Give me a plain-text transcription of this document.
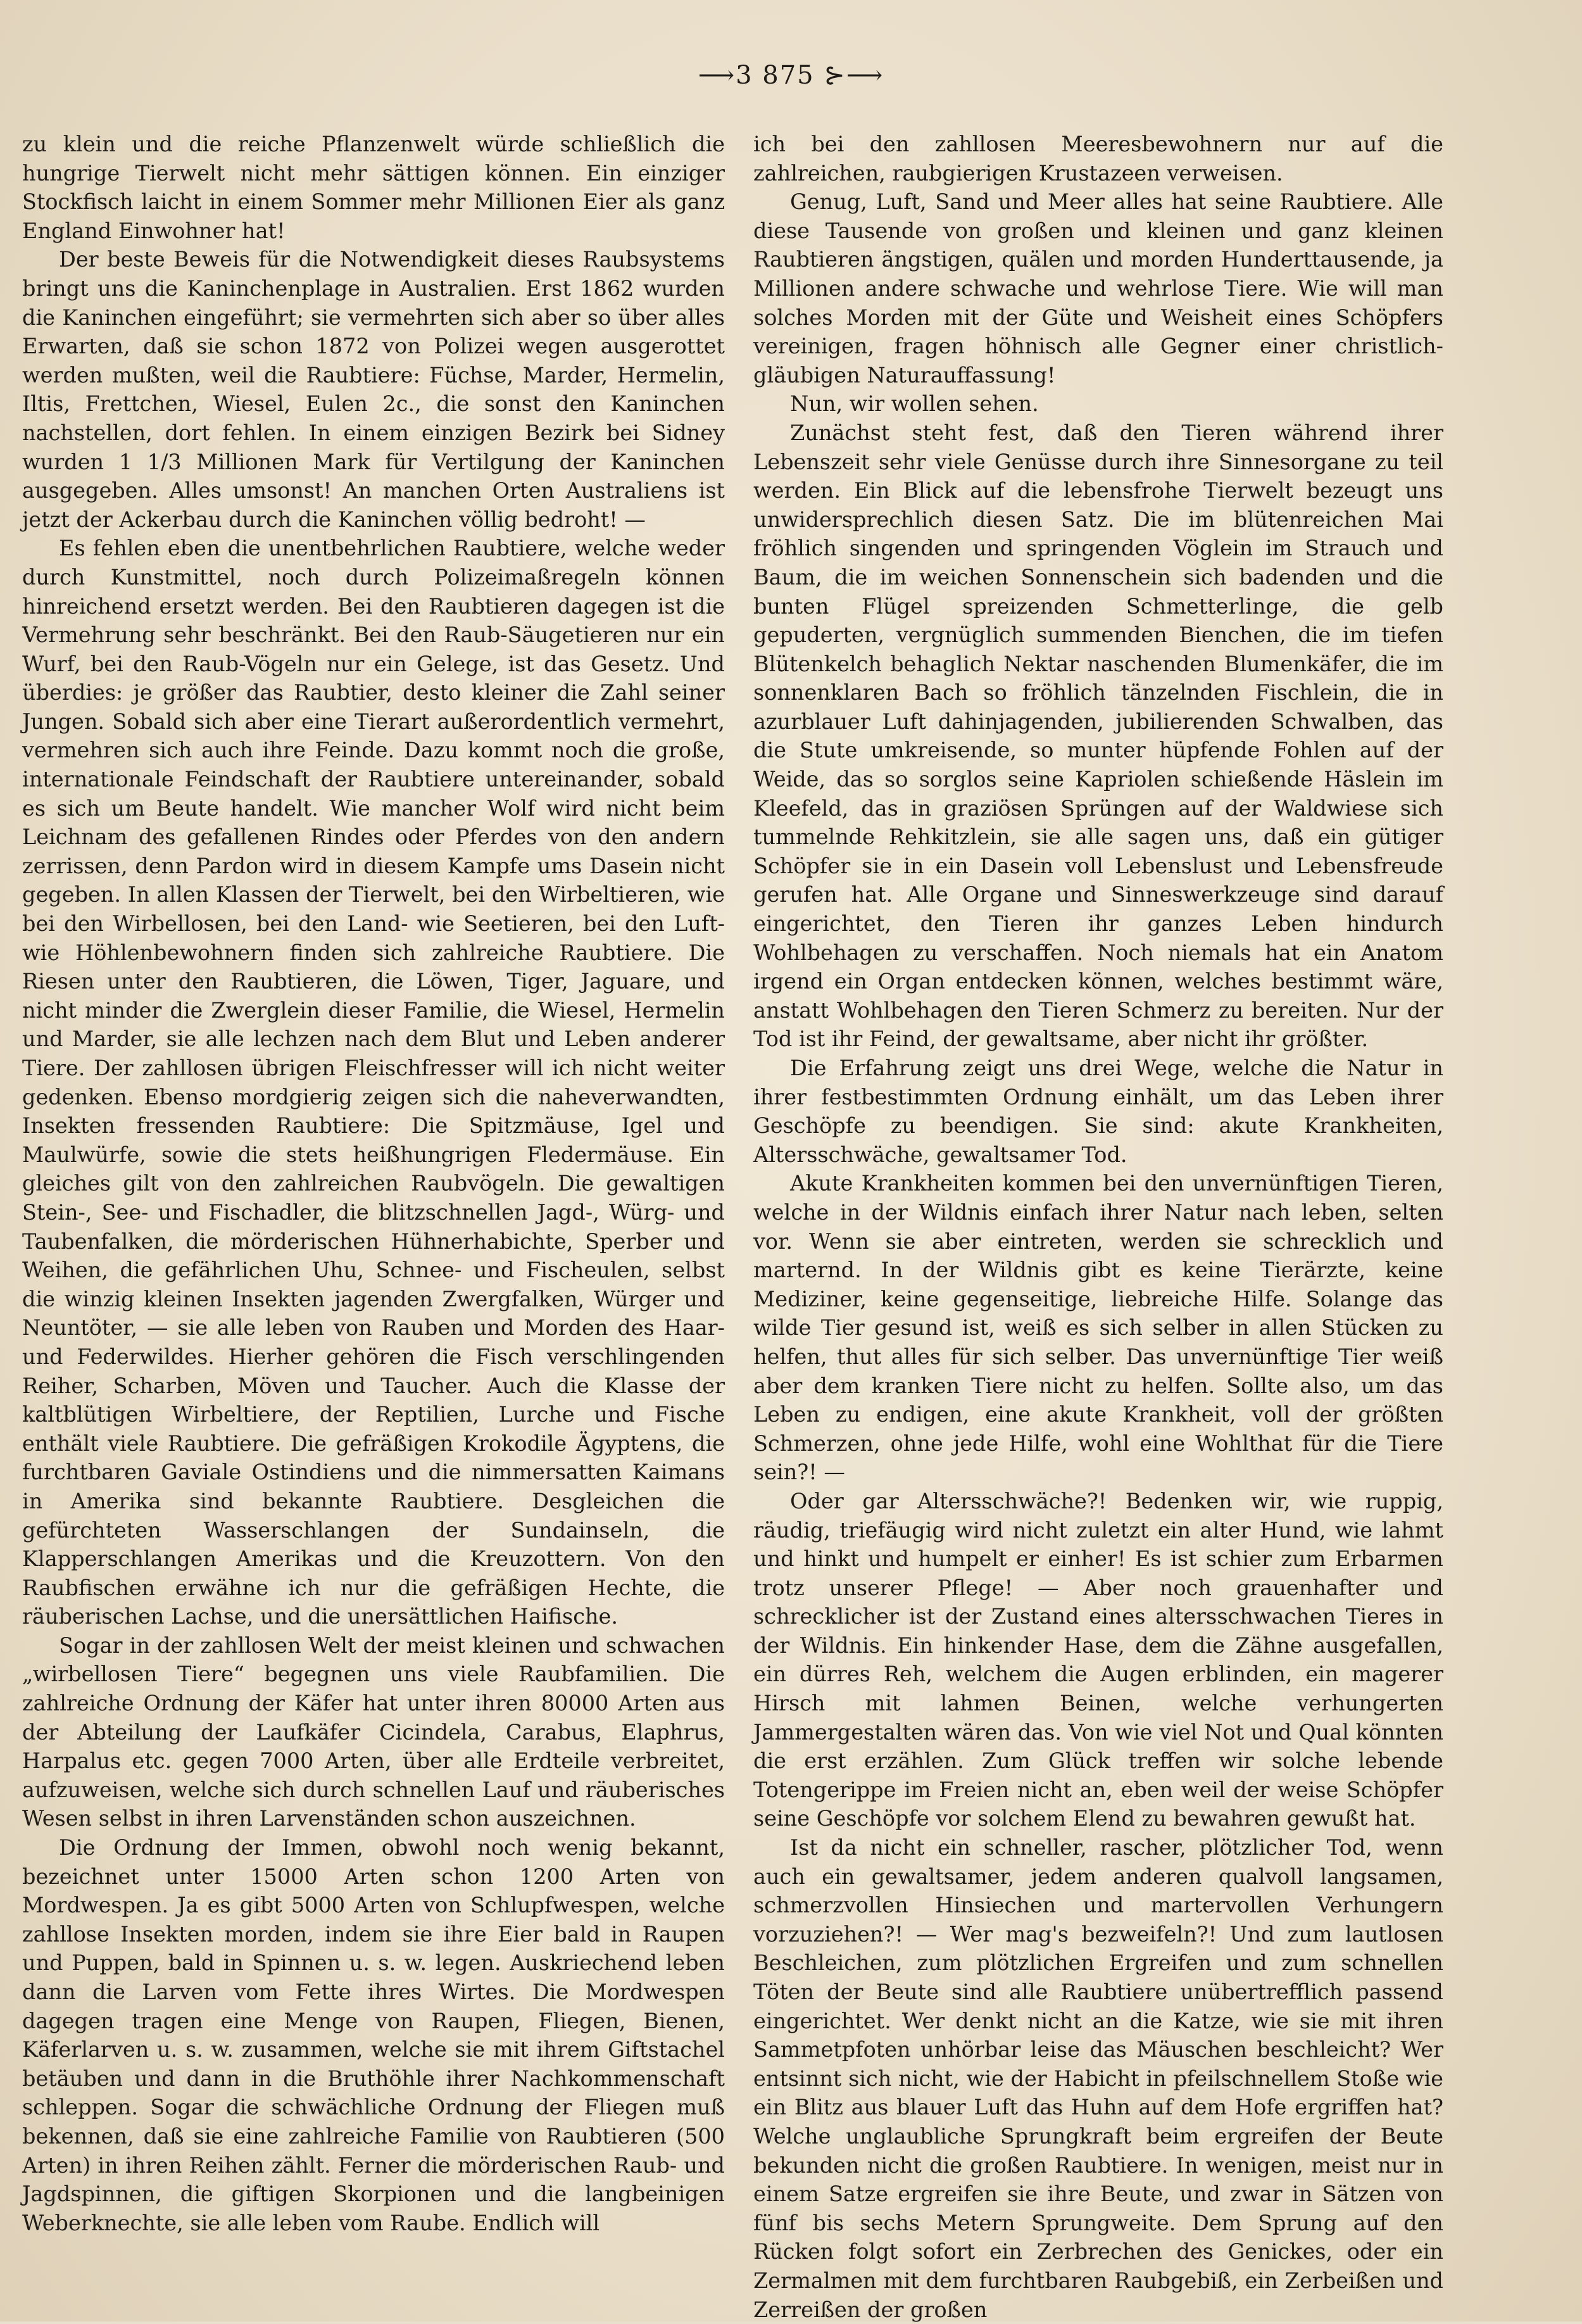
⟶3 875 ⊱⟶

zu klein und die reiche Pflanzenwelt würde schließlich die hungrige Tierwelt nicht mehr sättigen können. Ein einziger Stockfisch laicht in einem Sommer mehr Millionen Eier als ganz England Einwohner hat!

Der beste Beweis für die Notwendigkeit dieses Raubsystems bringt uns die Kaninchenplage in Australien. Erst 1862 wurden die Kaninchen eingeführt; sie vermehrten sich aber so über alles Erwarten, daß sie schon 1872 von Polizei wegen ausgerottet werden mußten, weil die Raubtiere: Füchse, Marder, Hermelin, Iltis, Frettchen, Wiesel, Eulen 2c., die sonst den Kaninchen nachstellen, dort fehlen. In einem einzigen Bezirk bei Sidney wurden 1 1/3 Millionen Mark für Vertilgung der Kaninchen ausgegeben. Alles umsonst! An manchen Orten Australiens ist jetzt der Ackerbau durch die Kaninchen völlig bedroht! —

Es fehlen eben die unentbehrlichen Raubtiere, welche weder durch Kunstmittel, noch durch Polizeimaßregeln können hinreichend ersetzt werden. Bei den Raubtieren dagegen ist die Vermehrung sehr beschränkt. Bei den Raub-Säugetieren nur ein Wurf, bei den Raub-Vögeln nur ein Gelege, ist das Gesetz. Und überdies: je größer das Raubtier, desto kleiner die Zahl seiner Jungen. Sobald sich aber eine Tierart außerordentlich vermehrt, vermehren sich auch ihre Feinde. Dazu kommt noch die große, internationale Feindschaft der Raubtiere untereinander, sobald es sich um Beute handelt. Wie mancher Wolf wird nicht beim Leichnam des gefallenen Rindes oder Pferdes von den andern zerrissen, denn Pardon wird in diesem Kampfe ums Dasein nicht gegeben. In allen Klassen der Tierwelt, bei den Wirbeltieren, wie bei den Wirbellosen, bei den Land- wie Seetieren, bei den Luft- wie Höhlenbewohnern finden sich zahlreiche Raubtiere. Die Riesen unter den Raubtieren, die Löwen, Tiger, Jaguare, und nicht minder die Zwerglein dieser Familie, die Wiesel, Hermelin und Marder, sie alle lechzen nach dem Blut und Leben anderer Tiere. Der zahllosen übrigen Fleischfresser will ich nicht weiter gedenken. Ebenso mordgierig zeigen sich die naheverwandten, Insekten fressenden Raubtiere: Die Spitzmäuse, Igel und Maulwürfe, sowie die stets heißhungrigen Fledermäuse. Ein gleiches gilt von den zahlreichen Raubvögeln. Die gewaltigen Stein-, See- und Fischadler, die blitzschnellen Jagd-, Würg- und Taubenfalken, die mörderischen Hühnerhabichte, Sperber und Weihen, die gefährlichen Uhu, Schnee- und Fischeulen, selbst die winzig kleinen Insekten jagenden Zwergfalken, Würger und Neuntöter, — sie alle leben von Rauben und Morden des Haar- und Federwildes. Hierher gehören die Fisch verschlingenden Reiher, Scharben, Möven und Taucher. Auch die Klasse der kaltblütigen Wirbeltiere, der Reptilien, Lurche und Fische enthält viele Raubtiere. Die gefräßigen Krokodile Ägyptens, die furchtbaren Gaviale Ostindiens und die nimmersatten Kaimans in Amerika sind bekannte Raubtiere. Desgleichen die gefürchteten Wasserschlangen der Sundainseln, die Klapperschlangen Amerikas und die Kreuzottern. Von den Raubfischen erwähne ich nur die gefräßigen Hechte, die räuberischen Lachse, und die unersättlichen Haifische.

Sogar in der zahllosen Welt der meist kleinen und schwachen „wirbellosen Tiere“ begegnen uns viele Raubfamilien. Die zahlreiche Ordnung der Käfer hat unter ihren 80000 Arten aus der Abteilung der Laufkäfer Cicindela, Carabus, Elaphrus, Harpalus etc. gegen 7000 Arten, über alle Erdteile verbreitet, aufzuweisen, welche sich durch schnellen Lauf und räuberisches Wesen selbst in ihren Larvenständen schon auszeichnen.

Die Ordnung der Immen, obwohl noch wenig bekannt, bezeichnet unter 15000 Arten schon 1200 Arten von Mordwespen. Ja es gibt 5000 Arten von Schlupfwespen, welche zahllose Insekten morden, indem sie ihre Eier bald in Raupen und Puppen, bald in Spinnen u. s. w. legen. Auskriechend leben dann die Larven vom Fette ihres Wirtes. Die Mordwespen dagegen tragen eine Menge von Raupen, Fliegen, Bienen, Käferlarven u. s. w. zusammen, welche sie mit ihrem Giftstachel betäuben und dann in die Bruthöhle ihrer Nachkommenschaft schleppen. Sogar die schwächliche Ordnung der Fliegen muß bekennen, daß sie eine zahlreiche Familie von Raubtieren (500 Arten) in ihren Reihen zählt. Ferner die mörderischen Raub- und Jagdspinnen, die giftigen Skorpionen und die langbeinigen Weberknechte, sie alle leben vom Raube. Endlich will

ich bei den zahllosen Meeresbewohnern nur auf die zahlreichen, raubgierigen Krustazeen verweisen.

Genug, Luft, Sand und Meer alles hat seine Raubtiere. Alle diese Tausende von großen und kleinen und ganz kleinen Raubtieren ängstigen, quälen und morden Hunderttausende, ja Millionen andere schwache und wehrlose Tiere. Wie will man solches Morden mit der Güte und Weisheit eines Schöpfers vereinigen, fragen höhnisch alle Gegner einer christlich-gläubigen Naturauffassung!

Nun, wir wollen sehen.

Zunächst steht fest, daß den Tieren während ihrer Lebenszeit sehr viele Genüsse durch ihre Sinnesorgane zu teil werden. Ein Blick auf die lebensfrohe Tierwelt bezeugt uns unwidersprechlich diesen Satz. Die im blütenreichen Mai fröhlich singenden und springenden Vöglein im Strauch und Baum, die im weichen Sonnenschein sich badenden und die bunten Flügel spreizenden Schmetterlinge, die gelb gepuderten, vergnüglich summenden Bienchen, die im tiefen Blütenkelch behaglich Nektar naschenden Blumenkäfer, die im sonnenklaren Bach so fröhlich tänzelnden Fischlein, die in azurblauer Luft dahinjagenden, jubilierenden Schwalben, das die Stute umkreisende, so munter hüpfende Fohlen auf der Weide, das so sorglos seine Kapriolen schießende Häslein im Kleefeld, das in graziösen Sprüngen auf der Waldwiese sich tummelnde Rehkitzlein, sie alle sagen uns, daß ein gütiger Schöpfer sie in ein Dasein voll Lebenslust und Lebensfreude gerufen hat. Alle Organe und Sinneswerkzeuge sind darauf eingerichtet, den Tieren ihr ganzes Leben hindurch Wohlbehagen zu verschaffen. Noch niemals hat ein Anatom irgend ein Organ entdecken können, welches bestimmt wäre, anstatt Wohlbehagen den Tieren Schmerz zu bereiten. Nur der Tod ist ihr Feind, der gewaltsame, aber nicht ihr größter.

Die Erfahrung zeigt uns drei Wege, welche die Natur in ihrer festbestimmten Ordnung einhält, um das Leben ihrer Geschöpfe zu beendigen. Sie sind: akute Krankheiten, Altersschwäche, gewaltsamer Tod.

Akute Krankheiten kommen bei den unvernünftigen Tieren, welche in der Wildnis einfach ihrer Natur nach leben, selten vor. Wenn sie aber eintreten, werden sie schrecklich und marternd. In der Wildnis gibt es keine Tierärzte, keine Mediziner, keine gegenseitige, liebreiche Hilfe. Solange das wilde Tier gesund ist, weiß es sich selber in allen Stücken zu helfen, thut alles für sich selber. Das unvernünftige Tier weiß aber dem kranken Tiere nicht zu helfen. Sollte also, um das Leben zu endigen, eine akute Krankheit, voll der größten Schmerzen, ohne jede Hilfe, wohl eine Wohlthat für die Tiere sein?! —

Oder gar Altersschwäche?! Bedenken wir, wie ruppig, räudig, triefäugig wird nicht zuletzt ein alter Hund, wie lahmt und hinkt und humpelt er einher! Es ist schier zum Erbarmen trotz unserer Pflege! — Aber noch grauenhafter und schrecklicher ist der Zustand eines altersschwachen Tieres in der Wildnis. Ein hinkender Hase, dem die Zähne ausgefallen, ein dürres Reh, welchem die Augen erblinden, ein magerer Hirsch mit lahmen Beinen, welche verhungerten Jammergestalten wären das. Von wie viel Not und Qual könnten die erst erzählen. Zum Glück treffen wir solche lebende Totengerippe im Freien nicht an, eben weil der weise Schöpfer seine Geschöpfe vor solchem Elend zu bewahren gewußt hat.

Ist da nicht ein schneller, rascher, plötzlicher Tod, wenn auch ein gewaltsamer, jedem anderen qualvoll langsamen, schmerzvollen Hinsiechen und martervollen Verhungern vorzuziehen?! — Wer mag's bezweifeln?! Und zum lautlosen Beschleichen, zum plötzlichen Ergreifen und zum schnellen Töten der Beute sind alle Raubtiere unübertrefflich passend eingerichtet. Wer denkt nicht an die Katze, wie sie mit ihren Sammetpfoten unhörbar leise das Mäuschen beschleicht? Wer entsinnt sich nicht, wie der Habicht in pfeilschnellem Stoße wie ein Blitz aus blauer Luft das Huhn auf dem Hofe ergriffen hat? Welche unglaubliche Sprungkraft beim ergreifen der Beute bekunden nicht die großen Raubtiere. In wenigen, meist nur in einem Satze ergreifen sie ihre Beute, und zwar in Sätzen von fünf bis sechs Metern Sprungweite. Dem Sprung auf den Rücken folgt sofort ein Zerbrechen des Genickes, oder ein Zermalmen mit dem furchtbaren Raubgebiß, ein Zerbeißen und Zerreißen der großen
